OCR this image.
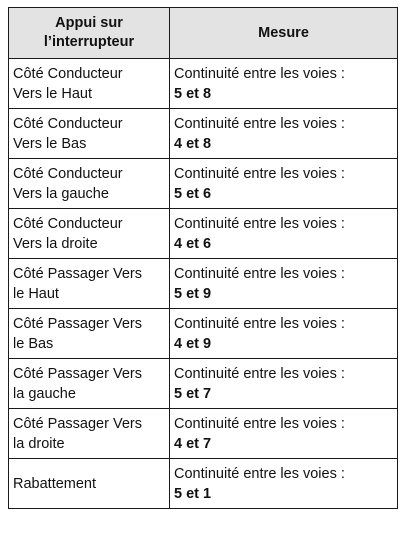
Appui sur
l’interrupteur	Mesure

Côté Conducteur
Vers le Haut	Continuité entre les voies :
5 et 8

Côté Conducteur
Vers le Bas	Continuité entre les voies :
4 et 8

Côté Conducteur
Vers la gauche	Continuité entre les voies :
5 et 6

Côté Conducteur
Vers la droite	Continuité entre les voies :
4 et 6

Côté Passager Vers
le Haut	Continuité entre les voies :
5 et 9

Côté Passager Vers
le Bas	Continuité entre les voies :
4 et 9

Côté Passager Vers
la gauche	Continuité entre les voies :
5 et 7

Côté Passager Vers
la droite	Continuité entre les voies :
4 et 7

Rabattement	Continuité entre les voies :
5 et 1
